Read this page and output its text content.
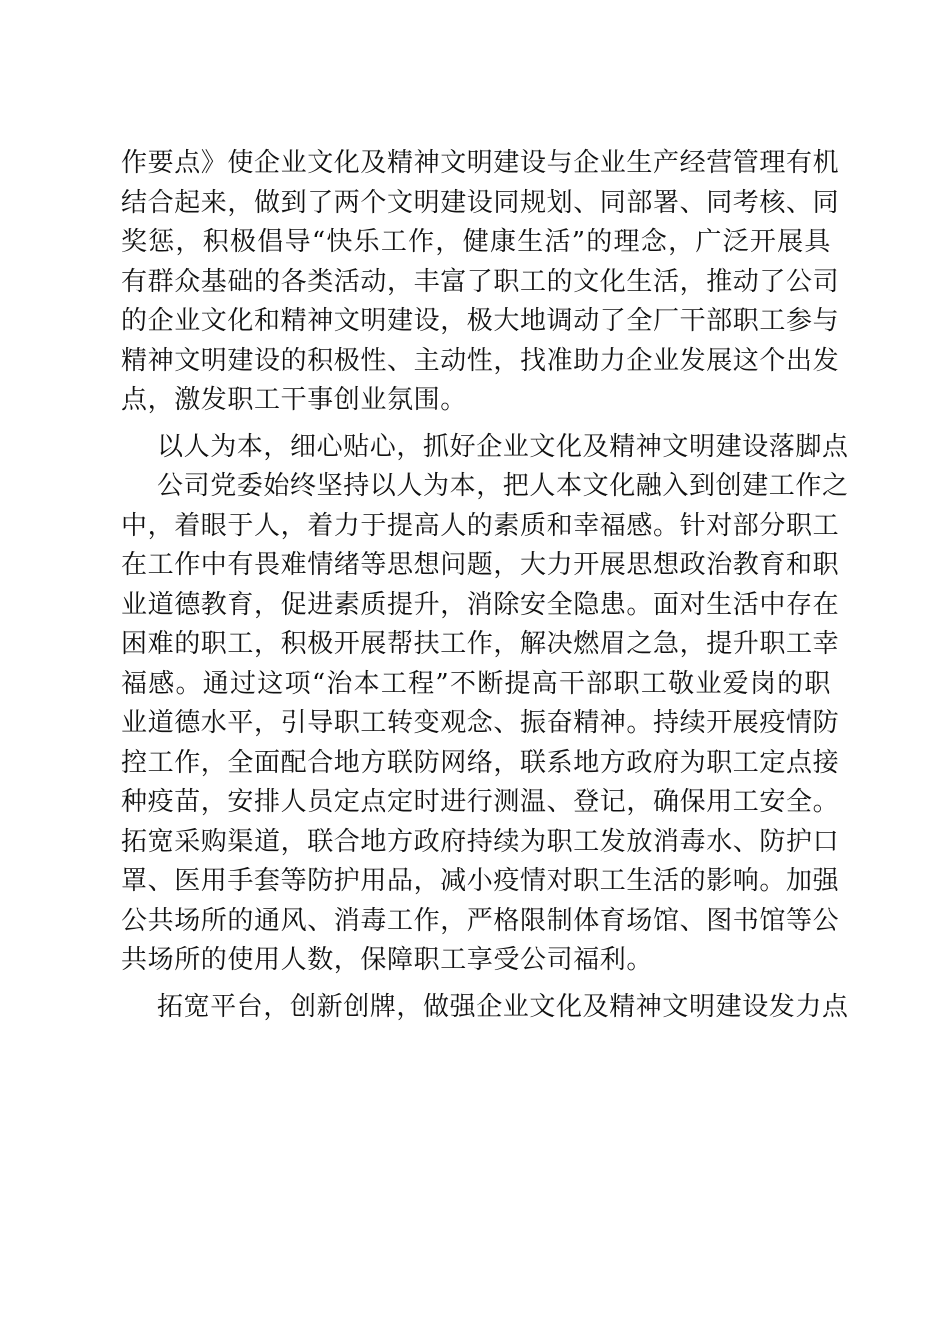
作要点》使企业文化及精神文明建设与企业生产经营管理有机
结合起来，做到了两个文明建设同规划、同部署、同考核、同
奖惩，积极倡导“快乐工作，健康生活”的理念，广泛开展具
有群众基础的各类活动，丰富了职工的文化生活，推动了公司
的企业文化和精神文明建设，极大地调动了全厂干部职工参与
精神文明建设的积极性、主动性，找准助力企业发展这个出发
点，激发职工干事创业氛围。

以人为本，细心贴心，抓好企业文化及精神文明建设落脚点

公司党委始终坚持以人为本，把人本文化融入到创建工作之
中，着眼于人，着力于提高人的素质和幸福感。针对部分职工
在工作中有畏难情绪等思想问题，大力开展思想政治教育和职
业道德教育，促进素质提升，消除安全隐患。面对生活中存在
困难的职工，积极开展帮扶工作，解决燃眉之急，提升职工幸
福感。通过这项“治本工程”不断提高干部职工敬业爱岗的职
业道德水平，引导职工转变观念、振奋精神。持续开展疫情防
控工作，全面配合地方联防网络，联系地方政府为职工定点接
种疫苗，安排人员定点定时进行测温、登记，确保用工安全。
拓宽采购渠道，联合地方政府持续为职工发放消毒水、防护口
罩、医用手套等防护用品，减小疫情对职工生活的影响。加强
公共场所的通风、消毒工作，严格限制体育场馆、图书馆等公
共场所的使用人数，保障职工享受公司福利。

拓宽平台，创新创牌，做强企业文化及精神文明建设发力点
